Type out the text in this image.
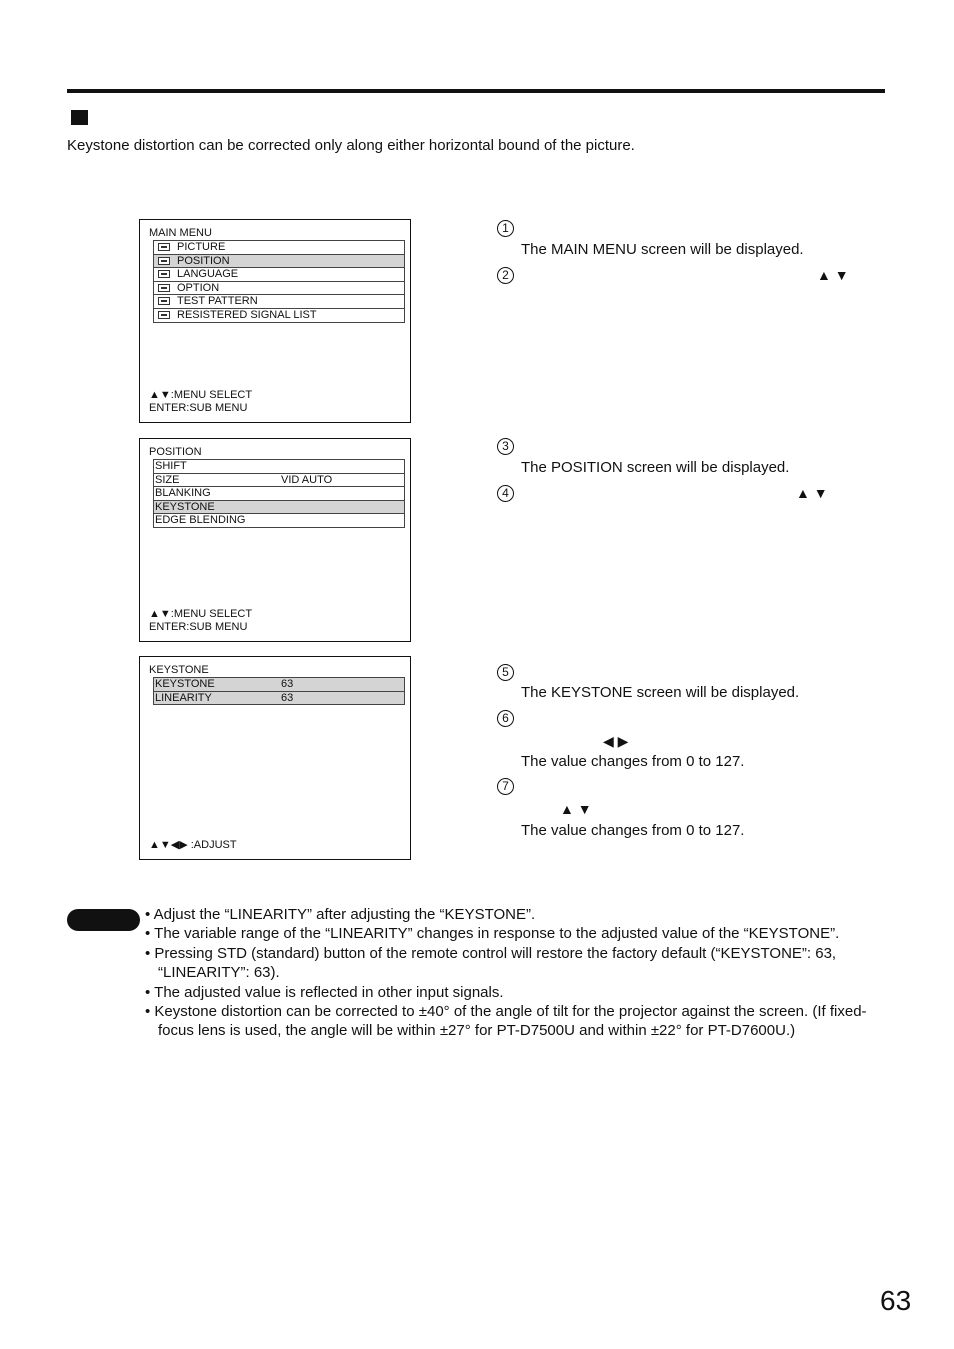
Keystone distortion can be corrected only along either horizontal bound of the picture.
MAIN MENU
PICTURE
POSITION
LANGUAGE
OPTION
TEST PATTERN
RESISTERED SIGNAL LIST
▲▼:MENU SELECT
ENTER:SUB MENU
POSITION
SHIFT
SIZE	VID AUTO
BLANKING
KEYSTONE
EDGE BLENDING
▲▼:MENU SELECT
ENTER:SUB MENU
KEYSTONE
KEYSTONE	63
LINEARITY	63
▲▼◀▶ :ADJUST
1
The MAIN MENU screen will be displayed.
2	▲ ▼
3
The POSITION screen will be displayed.
4	▲ ▼
5
The KEYSTONE screen will be displayed.
6
◀ ▶
The value changes from 0 to 127.
7
▲ ▼
The value changes from 0 to 127.
• Adjust the “LINEARITY” after adjusting the “KEYSTONE”.
• The variable range of the “LINEARITY” changes in response to the adjusted value of the “KEYSTONE”.
• Pressing STD (standard) button of the remote control will restore the factory default (“KEYSTONE”: 63, “LINEARITY”: 63).
• The adjusted value is reflected in other input signals.
• Keystone distortion can be corrected to ±40° of the angle of tilt for the projector against the screen. (If fixed-focus lens is used, the angle will be within ±27° for PT-D7500U and within ±22° for PT-D7600U.)
63
